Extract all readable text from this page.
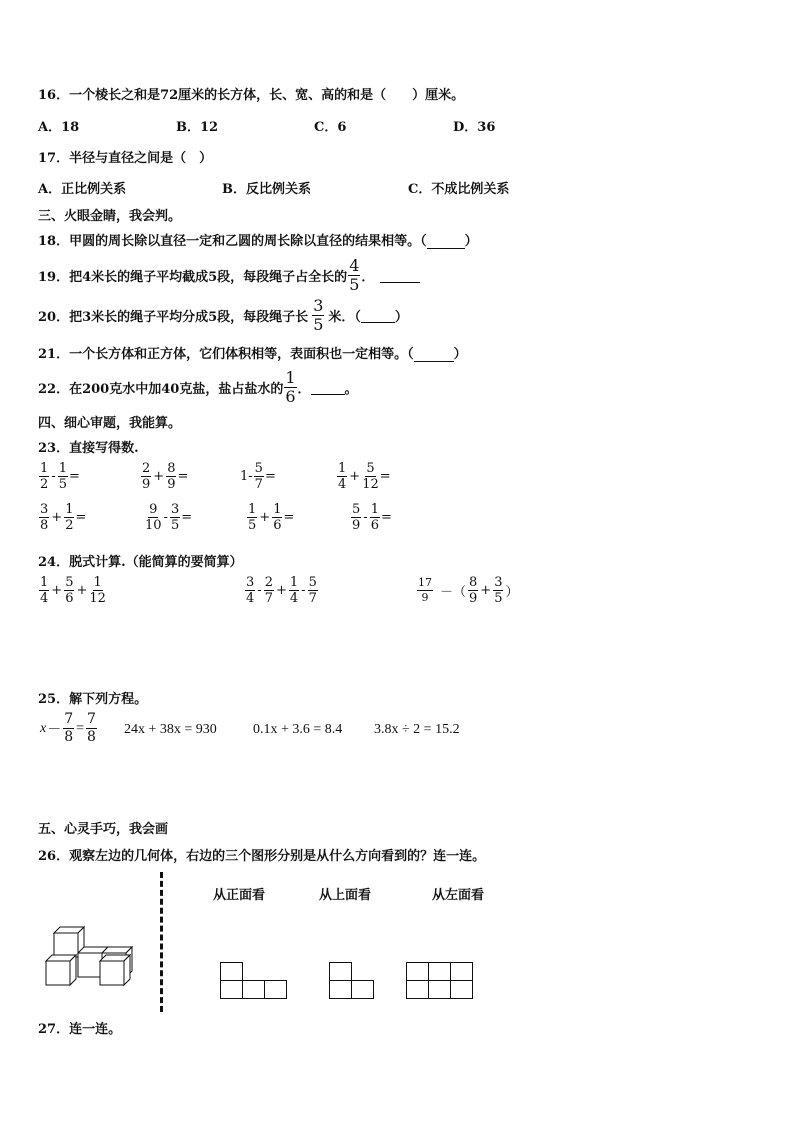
16．一个棱长之和是72厘米的长方体，长、宽、高的和是（　　）厘米。
A．18	B．12	C．6	D．36
17．半径与直径之间是（　）
A．正比例关系	B．反比例关系	C．不成比例关系
三、火眼金睛，我会判。
18．甲圆的周长除以直径一定和乙圆的周长除以直径的结果相等。（	）
19．把4米长的绳子平均截成5段，每段绳子占全长的 $\frac{4}{5}$ ．
20．把3米长的绳子平均分成5段，每段绳子长 $\frac{3}{5}$ 米．（	）
21．一个长方体和正方体，它们体积相等，表面积也一定相等。（	）
22．在200克水中加40克盐，盐占盐水的 $\frac{1}{6}$ ．	。
四、细心审题，我能算。
23．直接写得数.
$\frac{1}{2} - \frac{1}{5}$ =	$\frac{2}{9} + \frac{8}{9}$ =	$1- \frac{5}{7}$ =	$\frac{1}{4} + \frac{5}{12}$ =
$\frac{3}{8} + \frac{1}{2}$ =	$\frac{9}{10} - \frac{3}{5}$ =	$\frac{1}{5} + \frac{1}{6}$ =	$\frac{5}{9} - \frac{1}{6}$ =
24．脱式计算.（能简算的要简算）
$\frac{1}{4} + \frac{5}{6} + \frac{1}{12}$	$\frac{3}{4} - \frac{2}{7} + \frac{1}{4} - \frac{5}{7}$	$\frac{17}{9}$ －（ $\frac{8}{9} + \frac{3}{5}$ ）
25．解下列方程。
$x - \frac{7}{8} = \frac{7}{8} 24x + 38x = 930$	0.1x + 3.6 = 8.4 3.8x ÷ 2 = 15.2
五、心灵手巧，我会画
26．观察左边的几何体，右边的三个图形分别是从什么方向看到的？连一连。
从正面看	从上面看	从左面看
27．连一连。
